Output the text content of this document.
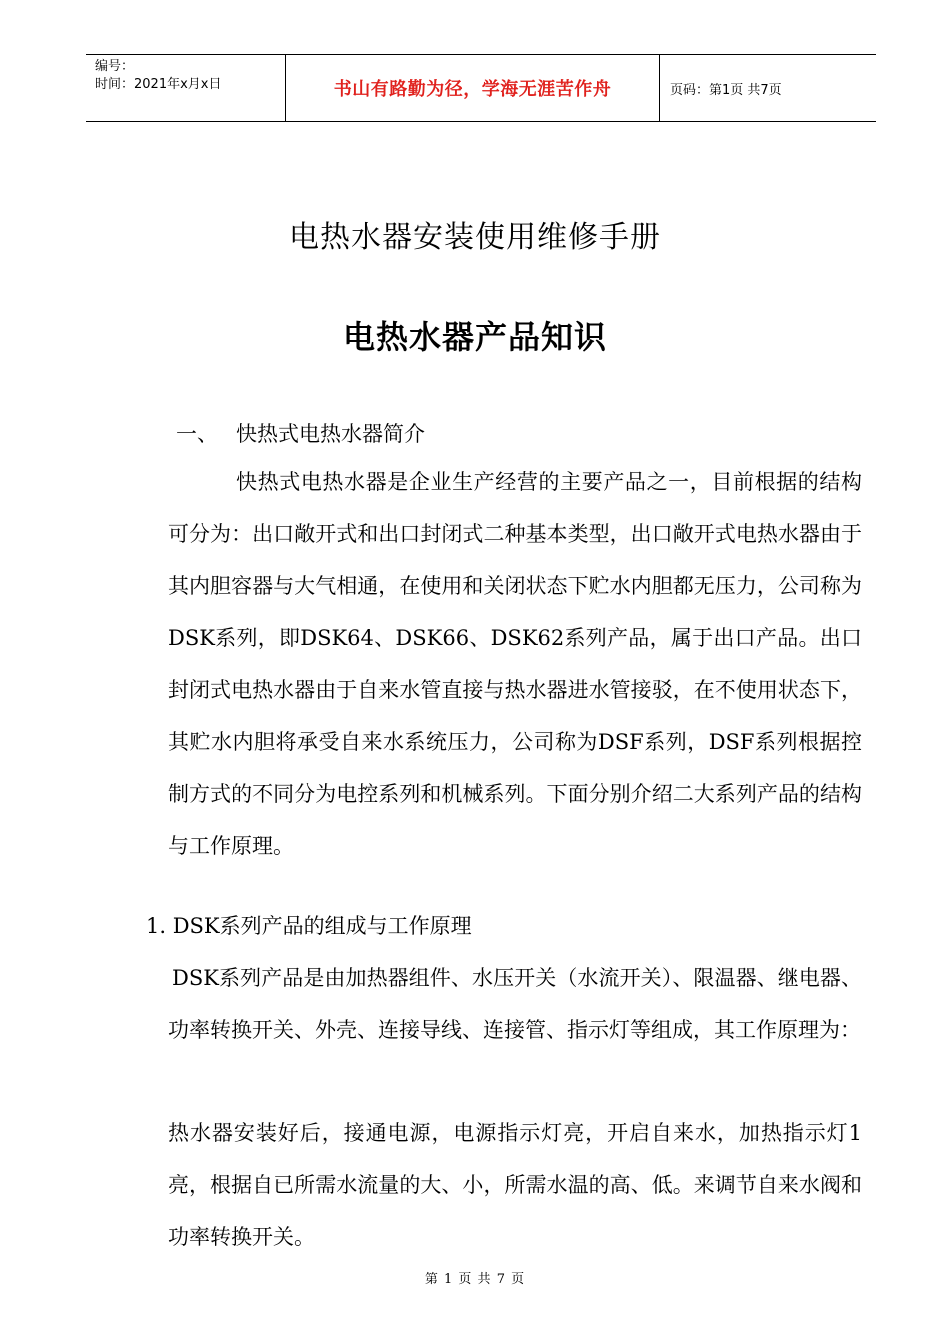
编号：
时间：2021年x月x日	书山有路勤为径，学海无涯苦作舟	页码：第1页 共7页
电热水器安装使用维修手册
电热水器产品知识
一、 快热式电热水器简介
快热式电热水器是企业生产经营的主要产品之一，目前根据的结构可分为：出口敞开式和出口封闭式二种基本类型，出口敞开式电热水器由于其内胆容器与大气相通，在使用和关闭状态下贮水内胆都无压力，公司称为DSK系列，即DSK64、DSK66、DSK62系列产品，属于出口产品。出口封闭式电热水器由于自来水管直接与热水器进水管接驳，在不使用状态下，其贮水内胆将承受自来水系统压力，公司称为DSF系列，DSF系列根据控制方式的不同分为电控系列和机械系列。下面分别介绍二大系列产品的结构与工作原理。
1. DSK系列产品的组成与工作原理
DSK系列产品是由加热器组件、水压开关（水流开关）、限温器、继电器、功率转换开关、外壳、连接导线、连接管、指示灯等组成，其工作原理为：
热水器安装好后，接通电源，电源指示灯亮，开启自来水，加热指示灯1亮，根据自已所需水流量的大、小，所需水温的高、低。来调节自来水阀和功率转换开关。
第 1 页 共 7 页
